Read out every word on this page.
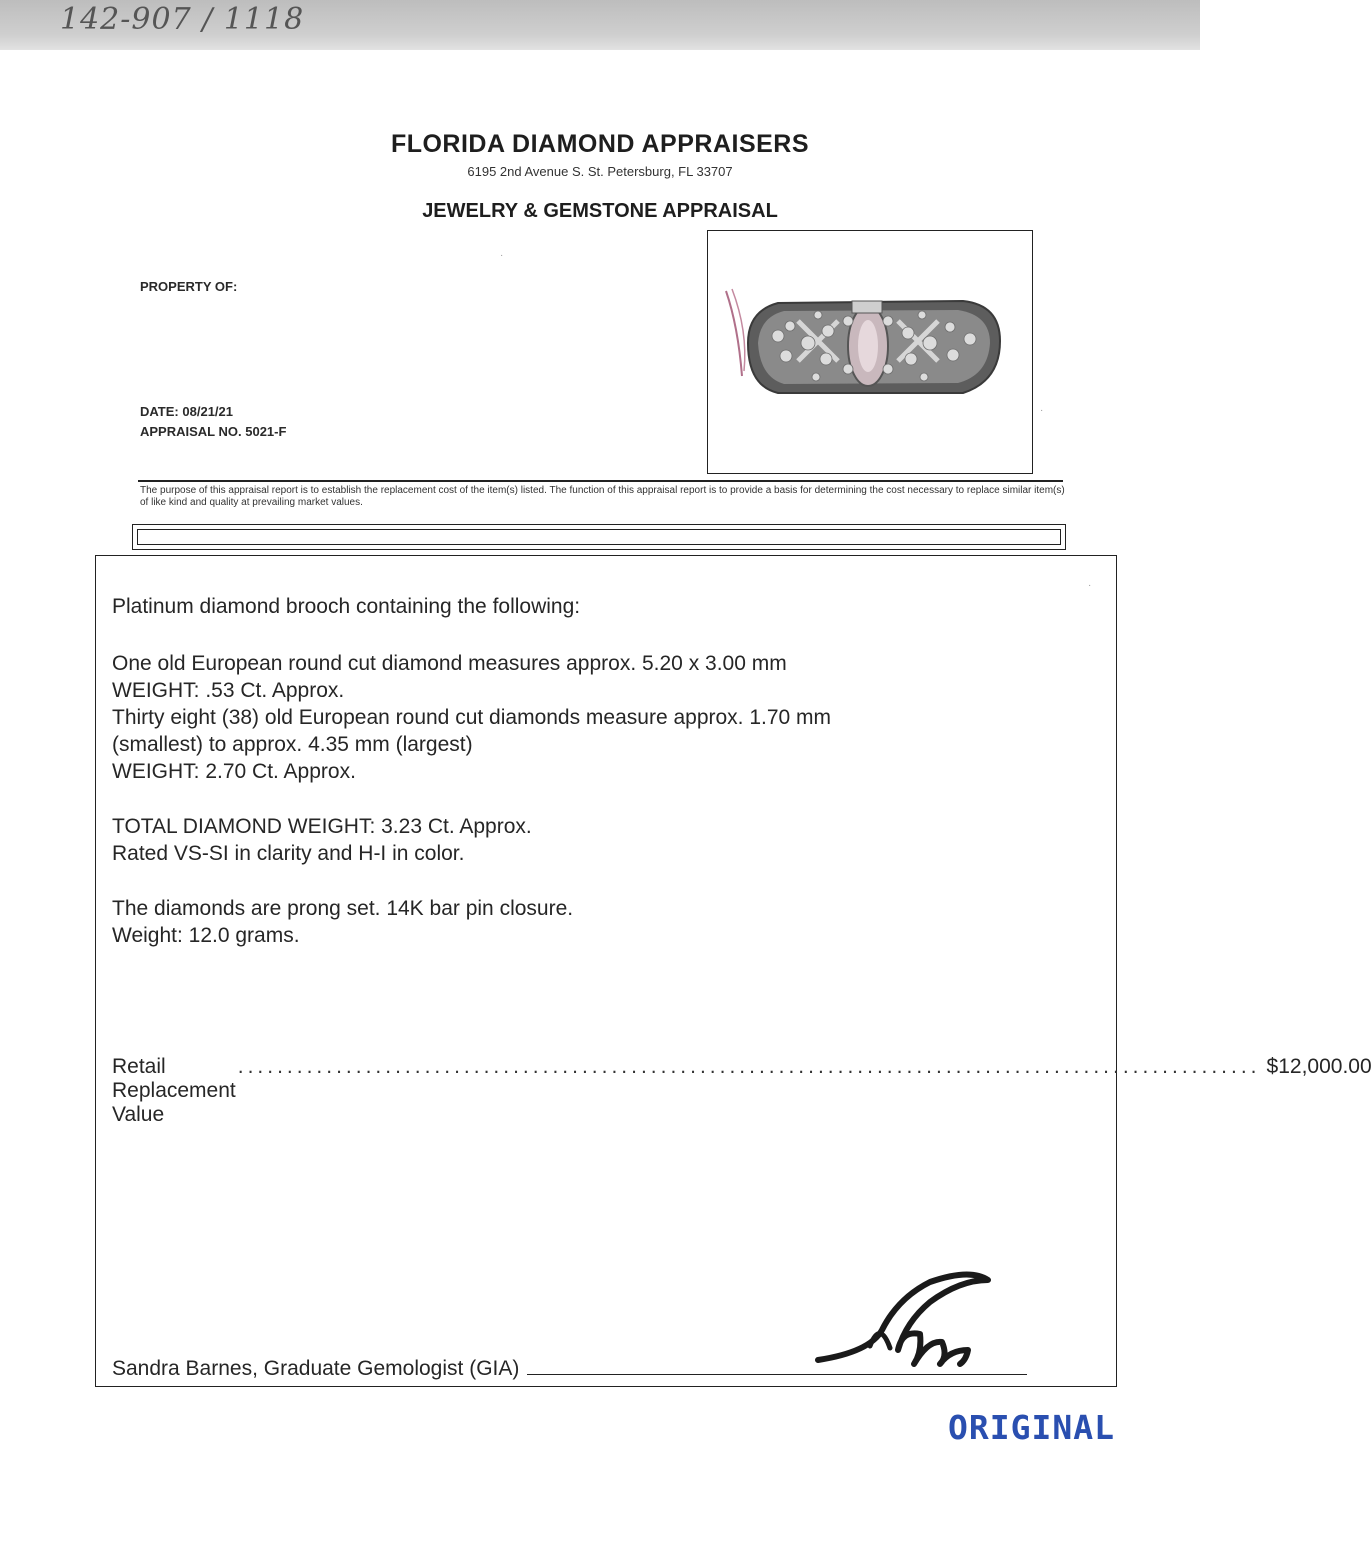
142-907 / 1118
FLORIDA DIAMOND APPRAISERS
6195 2nd Avenue S. St. Petersburg, FL 33707
JEWELRY & GEMSTONE APPRAISAL
PROPERTY OF:
DATE: 08/21/21
APPRAISAL NO. 5021-F
The purpose of this appraisal report is to establish the replacement cost of the item(s) listed. The function of this appraisal report is to provide a basis for determining the cost necessary to replace similar item(s) of like kind and quality at prevailing market values.
Platinum diamond brooch containing the following:
One old European round cut diamond measures approx. 5.20 x 3.00 mm
WEIGHT: .53 Ct. Approx.
Thirty eight (38) old European round cut diamonds measure approx. 1.70 mm
(smallest) to approx. 4.35 mm (largest)
WEIGHT: 2.70 Ct. Approx.
TOTAL DIAMOND WEIGHT: 3.23 Ct. Approx.
Rated VS-SI in clarity and H-I in color.
The diamonds are prong set. 14K bar pin closure.
Weight: 12.0 grams.
Retail Replacement Value
........................................................................................................ $12,000.00
Sandra Barnes, Graduate Gemologist (GIA)
ORIGINAL
·
·
·
